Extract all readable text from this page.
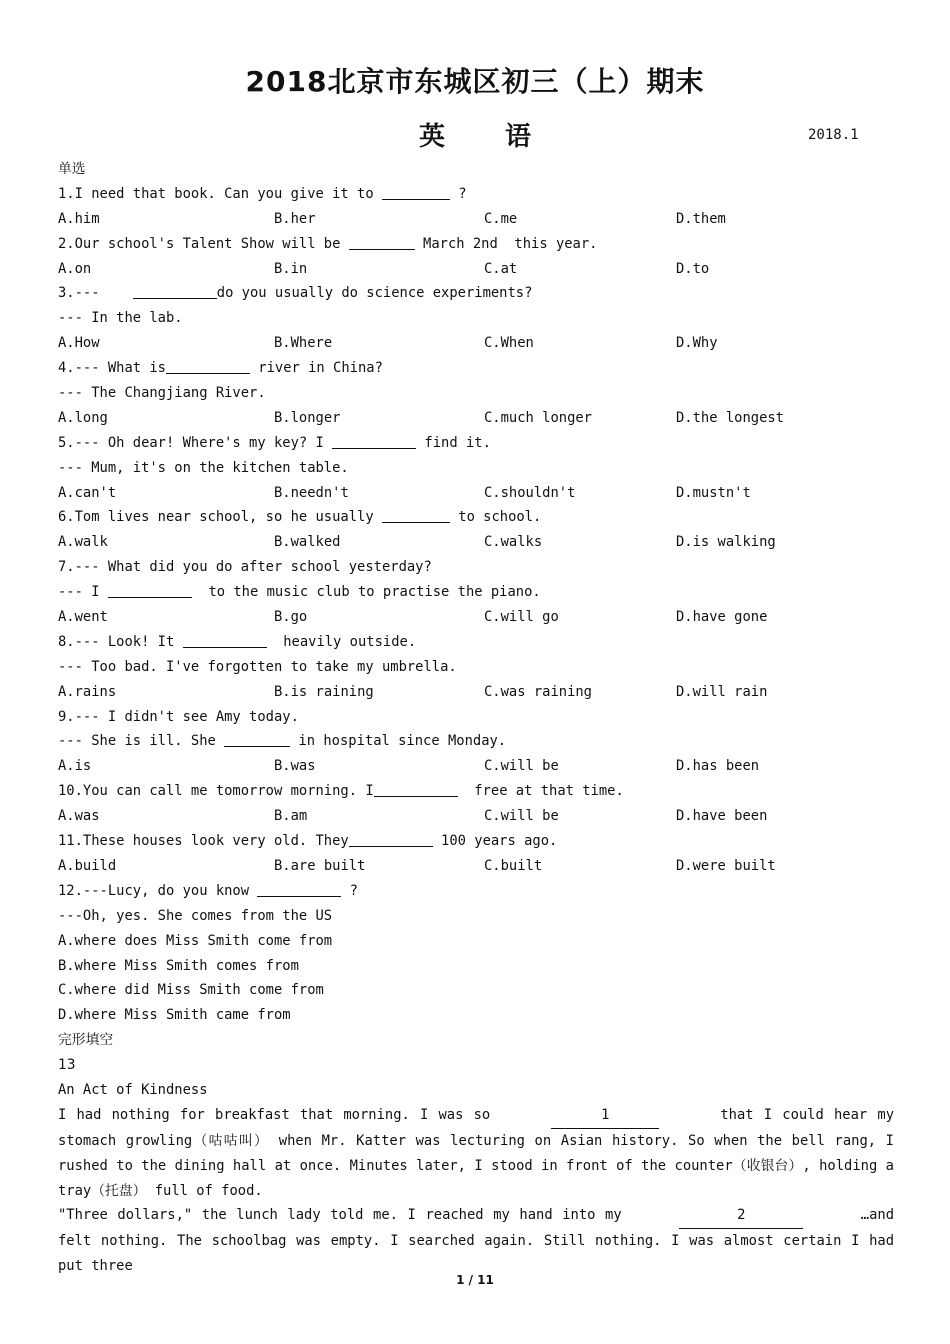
2018北京市东城区初三（上）期末
英 语	2018.1
单选
1.I need that book. Can you give it to	?
A.him	B.her	C.me	D.them
2.Our school's Talent Show will be	March 2nd  this year.
A.on	B.in	C.at	D.to
3.---	do you usually do science experiments?
--- In the lab.
A.How	B.Where	C.When	D.Why
4.--- What is	river in China?
--- The Changjiang River.
A.long	B.longer	C.much longer	D.the longest
5.--- Oh dear! Where's my key? I	find it.
--- Mum, it's on the kitchen table.
A.can't	B.needn't	C.shouldn't	D.mustn't
6.Tom lives near school, so he usually	to school.
A.walk	B.walked	C.walks	D.is walking
7.--- What did you do after school yesterday?
--- I	to the music club to practise the piano.
A.went	B.go	C.will go	D.have gone
8.--- Look! It	heavily outside.
--- Too bad. I've forgotten to take my umbrella.
A.rains	B.is raining	C.was raining	D.will rain
9.--- I didn't see Amy today.
--- She is ill. She	in hospital since Monday.
A.is	B.was	C.will be	D.has been
10.You can call me tomorrow morning. I	free at that time.
A.was	B.am	C.will be	D.have been
11.These houses look very old. They	100 years ago.
A.build	B.are built	C.built	D.were built
12.---Lucy, do you know	?
---Oh, yes. She comes from the US
A.where does Miss Smith come from
B.where Miss Smith comes from
C.where did Miss Smith come from
D.where Miss Smith came from
完形填空
13
An Act of Kindness
I had nothing for breakfast that morning. I was so	1	that I could hear my stomach growling（咕咕叫） when Mr. Katter was lecturing on Asian history. So when the bell rang, I rushed to the dining hall at once. Minutes later, I stood in front of the counter（收银台）, holding a tray（托盘） full of food.
"Three dollars," the lunch lady told me. I reached my hand into my	2	…and felt nothing. The schoolbag was empty. I searched again. Still nothing. I was almost certain I had put three
1 / 11
